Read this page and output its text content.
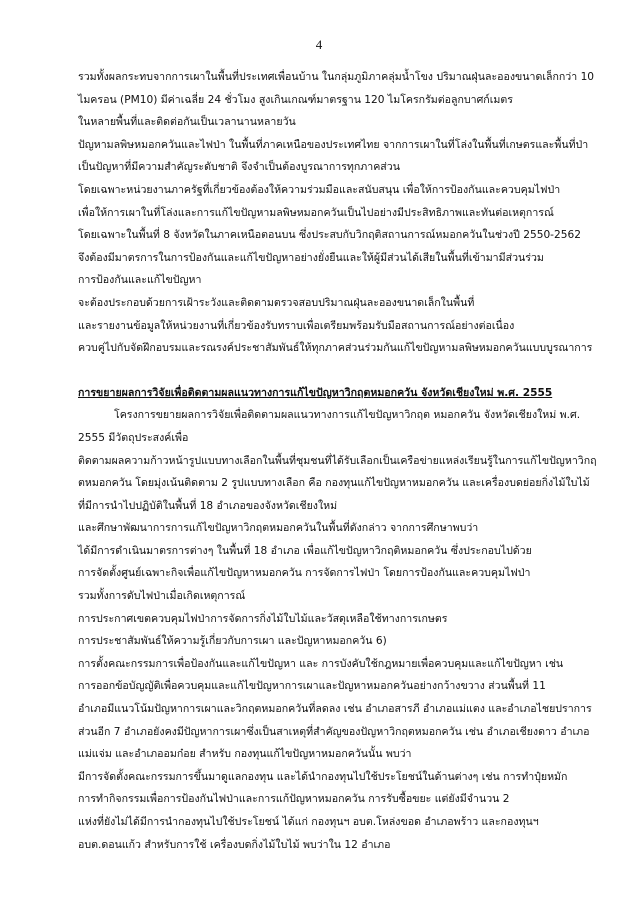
4
รวมทั้งผลกระทบจากการเผาในพื้นที่ประเทศเพื่อนบ้าน ในกลุ่มภูมิภาคลุ่มน้ำโขง ปริมาณฝุ่นละอองขนาดเล็กกว่า 10
ไมครอน (PM10) มีค่าเฉลี่ย 24 ชั่วโมง สูงเกินเกณฑ์มาตรฐาน 120 ไมโครกรัมต่อลูกบาศก์เมตร
ในหลายพื้นที่และติดต่อกันเป็นเวลานานหลายวัน
ปัญหามลพิษหมอกควันและไฟป่า ในพื้นที่ภาคเหนือของประเทศไทย จากการเผาในที่โล่งในพื้นที่เกษตรและพื้นที่ป่า
เป็นปัญหาที่มีความสำคัญระดับชาติ จึงจำเป็นต้องบูรณาการทุกภาคส่วน
โดยเฉพาะหน่วยงานภาครัฐที่เกี่ยวข้องต้องให้ความร่วมมือและสนับสนุน เพื่อให้การป้องกันและควบคุมไฟป่า
เพื่อให้การเผาในที่โล่งและการแก้ไขปัญหามลพิษหมอกควันเป็นไปอย่างมีประสิทธิภาพและทันต่อเหตุการณ์
โดยเฉพาะในพื้นที่ 8 จังหวัดในภาคเหนือตอนบน ซึ่งประสบกับวิกฤติสถานการณ์หมอกควันในช่วงปี 2550-2562
จึงต้องมีมาตรการในการป้องกันและแก้ไขปัญหาอย่างยั่งยืนและให้ผู้มีส่วนได้เสียในพื้นที่เข้ามามีส่วนร่วม
การป้องกันและแก้ไขปัญหา
จะต้องประกอบด้วยการเฝ้าระวังและติดตามตรวจสอบปริมาณฝุ่นละอองขนาดเล็กในพื้นที่
และรายงานข้อมูลให้หน่วยงานที่เกี่ยวข้องรับทราบเพื่อเตรียมพร้อมรับมือสถานการณ์อย่างต่อเนื่อง
ควบคู่ไปกับจัดฝึกอบรมและรณรงค์ประชาสัมพันธ์ให้ทุกภาคส่วนร่วมกันแก้ไขปัญหามลพิษหมอกควันแบบบูรณาการ
การขยายผลการวิจัยเพื่อติดตามผลแนวทางการแก้ไขปัญหาวิกฤตหมอกควัน จังหวัดเชียงใหม่ พ.ศ. 2555
โครงการขยายผลการวิจัยเพื่อติดตามผลแนวทางการแก้ไขปัญหาวิกฤต หมอกควัน จังหวัดเชียงใหม่ พ.ศ.
2555 มีวัตถุประสงค์เพื่อ
ติดตามผลความก้าวหน้ารูปแบบทางเลือกในพื้นที่ชุมชนที่ได้รับเลือกเป็นเครือข่ายแหล่งเรียนรู้ในการแก้ไขปัญหาวิกฤ
ตหมอกควัน โดยมุ่งเน้นติดตาม 2 รูปแบบทางเลือก คือ กองทุนแก้ไขปัญหาหมอกควัน และเครื่องบดย่อยกิ่งไม้ใบไม้
ที่มีการนำไปปฏิบัติในพื้นที่ 18 อำเภอของจังหวัดเชียงใหม่
และศึกษาพัฒนาการการแก้ไขปัญหาวิกฤตหมอกควันในพื้นที่ดังกล่าว จากการศึกษาพบว่า
ได้มีการดำเนินมาตรการต่างๆ ในพื้นที่ 18 อำเภอ เพื่อแก้ไขปัญหาวิกฤติหมอกควัน ซึ่งประกอบไปด้วย
การจัดตั้งศูนย์เฉพาะกิจเพื่อแก้ไขปัญหาหมอกควัน การจัดการไฟป่า โดยการป้องกันและควบคุมไฟป่า
รวมทั้งการดับไฟป่าเมื่อเกิดเหตุการณ์
การประกาศเขตควบคุมไฟป่าการจัดการกิ่งไม้ใบไม้และวัสดุเหลือใช้ทางการเกษตร
การประชาสัมพันธ์ให้ความรู้เกี่ยวกับการเผา และปัญหาหมอกควัน 6)
การตั้งคณะกรรมการเพื่อป้องกันและแก้ไขปัญหา และ การบังคับใช้กฎหมายเพื่อควบคุมและแก้ไขปัญหา เช่น
การออกข้อบัญญัติเพื่อควบคุมและแก้ไขปัญหาการเผาและปัญหาหมอกควันอย่างกว้างขวาง ส่วนพื้นที่ 11
อำเภอมีแนวโน้มปัญหาการเผาและวิกฤตหมอกควันที่ลดลง เช่น อำเภอสารภี อำเภอแม่แตง และอำเภอไชยปราการ
ส่วนอีก 7 อำเภอยังคงมีปัญหาการเผาซึ่งเป็นสาเหตุที่สำคัญของปัญหาวิกฤตหมอกควัน เช่น อำเภอเชียงดาว อำเภอ
แม่แจ่ม และอำเภออมก๋อย สำหรับ กองทุนแก้ไขปัญหาหมอกควันนั้น พบว่า
มีการจัดตั้งคณะกรรมการขึ้นมาดูแลกองทุน และได้นำกองทุนไปใช้ประโยชน์ในด้านต่างๆ เช่น การทำปุ๋ยหมัก
การทำกิจกรรมเพื่อการป้องกันไฟป่าและการแก้ปัญหาหมอกควัน การรับซื้อขยะ แต่ยังมีจำนวน 2
แห่งที่ยังไม่ได้มีการนำกองทุนไปใช้ประโยชน์ ได้แก่ กองทุนฯ อบต.โหล่งขอด อำเภอพร้าว และกองทุนฯ
อบต.ดอนแก้ว สำหรับการใช้ เครื่องบดกิ่งไม้ใบไม้ พบว่าใน 12 อำเภอ
